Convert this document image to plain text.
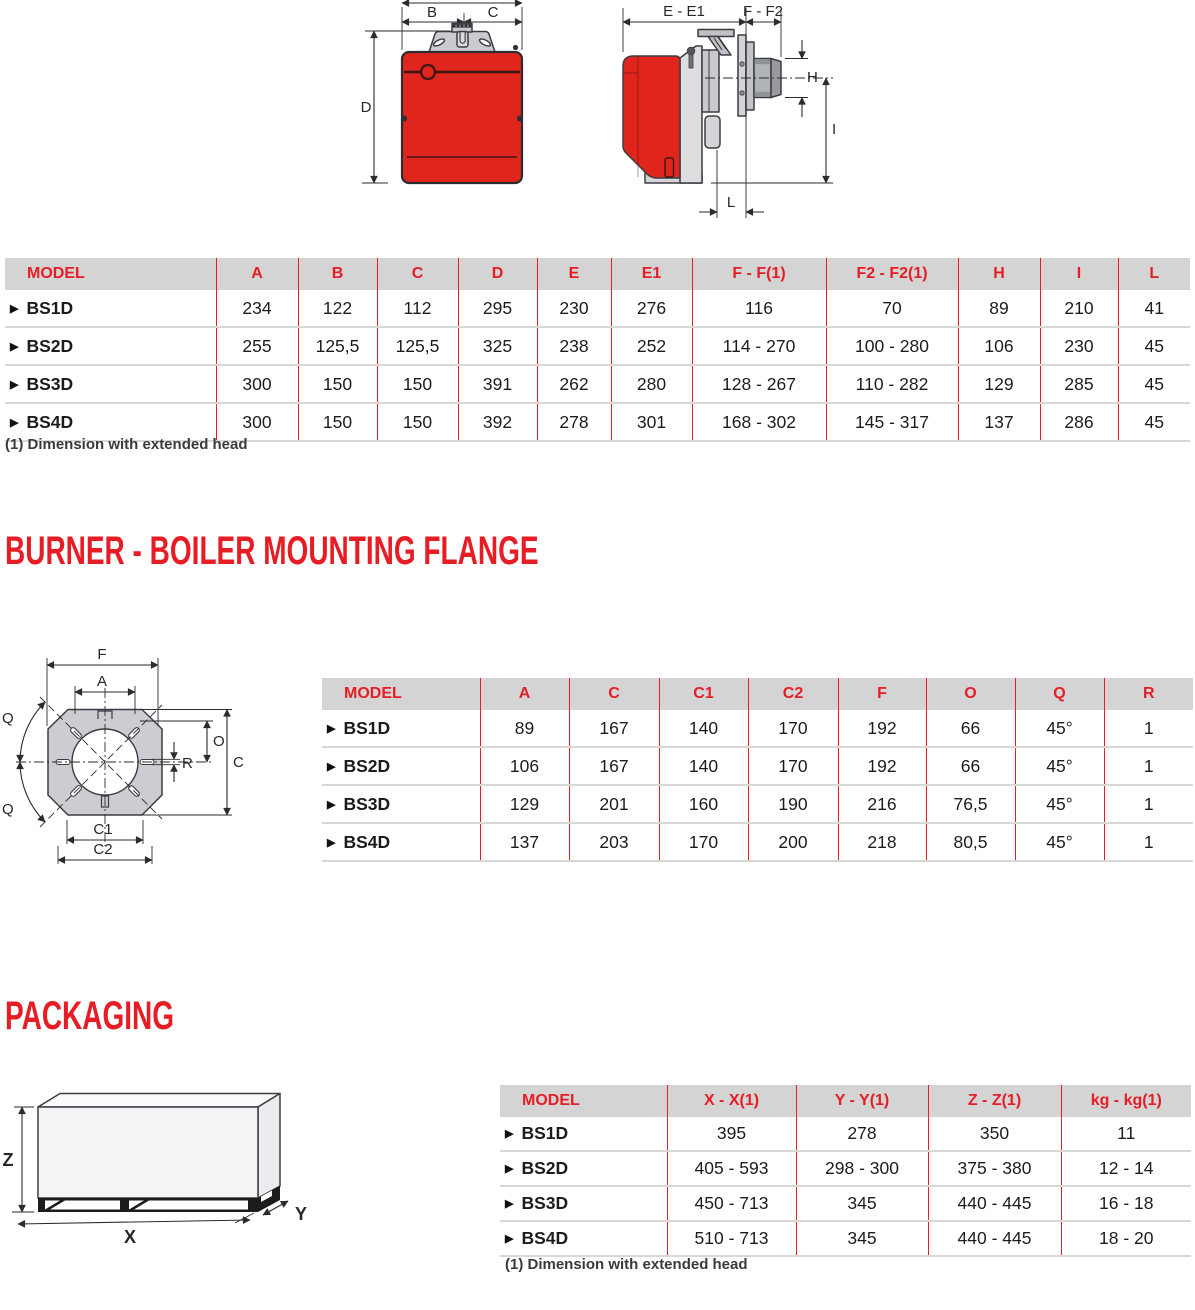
B	C
D
E - E1	F - F2
H
I
L
MODEL	A	B	C	D	E	E1	F - F(1)	F2 - F2(1)	H	I	L
▶ BS1D	234	122	112	295	230	276	116	70	89	210	41
▶ BS2D	255	125,5	125,5	325	238	252	114 - 270	100 - 280	106	230	45
▶ BS3D	300	150	150	391	262	280	128 - 267	110 - 282	129	285	45
▶ BS4D	300	150	150	392	278	301	168 - 302	145 - 317	137	286	45
(1) Dimension with extended head
BURNER - BOILER MOUNTING FLANGE
F
A
Q
Q
O
R	C
C1
C2
MODEL	A	C	C1	C2	F	O	Q	R
▶ BS1D	89	167	140	170	192	66	45°	1
▶ BS2D	106	167	140	170	192	66	45°	1
▶ BS3D	129	201	160	190	216	76,5	45°	1
▶ BS4D	137	203	170	200	218	80,5	45°	1
PACKAGING
Z
X
Y
MODEL	X - X(1)	Y - Y(1)	Z - Z(1)	kg - kg(1)
▶ BS1D	395	278	350	11
▶ BS2D	405 - 593	298 - 300	375 - 380	12 - 14
▶ BS3D	450 - 713	345	440 - 445	16 - 18
▶ BS4D	510 - 713	345	440 - 445	18 - 20
(1) Dimension with extended head
